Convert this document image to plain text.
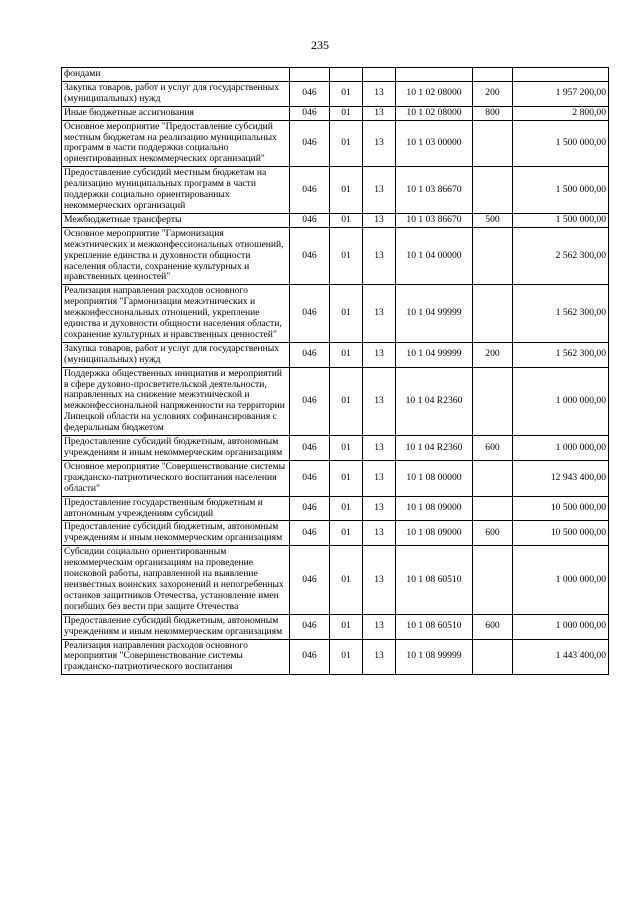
235
фондами						
Закупка товаров, работ и услуг для государственных (муниципальных) нужд	046	01	13	10 1 02 08000	200	1 957 200,00
Иные бюджетные ассигнования	046	01	13	10 1 02 08000	800	2 800,00
Основное мероприятие "Предоставление субсидий местным бюджетам на реализацию муниципальных программ в части поддержки социально ориентированных некоммерческих организаций"	046	01	13	10 1 03 00000		1 500 000,00
Предоставление субсидий местным бюджетам на реализацию муниципальных программ в части поддержки социально ориентированных некоммерческих организаций	046	01	13	10 1 03 86670		1 500 000,00
Межбюджетные трансферты	046	01	13	10 1 03 86670	500	1 500 000,00
Основное мероприятие "Гармонизация межэтнических и межконфессиональных отношений, укрепление единства и духовности общности населения области, сохранение культурных и нравственных ценностей"	046	01	13	10 1 04 00000		2 562 300,00
Реализация направления расходов основного мероприятия "Гармонизация межэтнических и межконфессиональных отношений, укрепление единства и духовности общности населения области, сохранение культурных и нравственных ценностей"	046	01	13	10 1 04 99999		1 562 300,00
Закупка товаров, работ и услуг для государственных (муниципальных) нужд	046	01	13	10 1 04 99999	200	1 562 300,00
Поддержка общественных инициатив и мероприятий в сфере духовно-просветительской деятельности, направленных на снижение межэтнической и межконфессиональной напряженности на территории Липецкой области на условиях софинансирования с федеральным бюджетом	046	01	13	10 1 04 R2360		1 000 000,00
Предоставление субсидий бюджетным, автономным учреждениям и иным некоммерческим организациям	046	01	13	10 1 04 R2360	600	1 000 000,00
Основное мероприятие "Совершенствование системы гражданско-патриотического воспитания населения области"	046	01	13	10 1 08 00000		12 943 400,00
Предоставление государственным бюджетным и автономным учреждениям субсидий	046	01	13	10 1 08 09000		10 500 000,00
Предоставление субсидий бюджетным, автономным учреждениям и иным некоммерческим организациям	046	01	13	10 1 08 09000	600	10 500 000,00
Субсидии социально ориентированным некоммерческим организациям на проведение поисковой работы, направленной на выявление неизвестных воинских захоронений и непогребенных останков защитников Отечества, установление имен погибших без вести при защите Отечества	046	01	13	10 1 08 60510		1 000 000,00
Предоставление субсидий бюджетным, автономным учреждениям и иным некоммерческим организациям	046	01	13	10 1 08 60510	600	1 000 000,00
Реализация направления расходов основного мероприятия "Совершенствование системы гражданско-патриотического воспитания	046	01	13	10 1 08 99999		1 443 400,00
